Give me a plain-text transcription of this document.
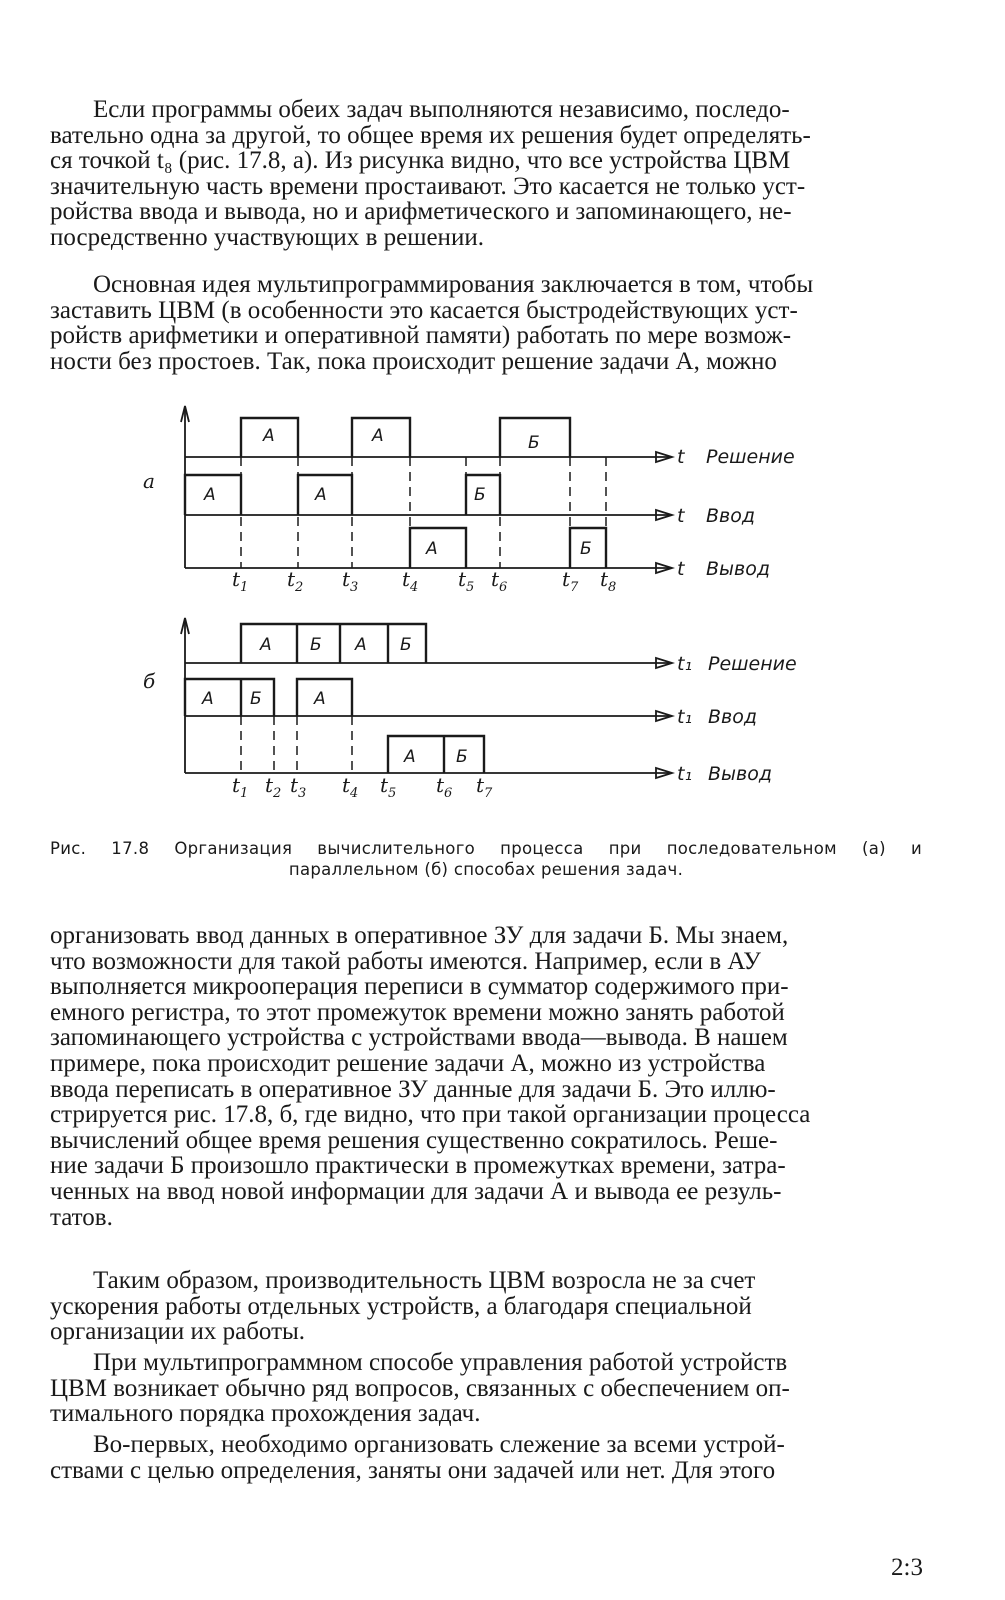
Если программы обеих задач выполняются независимо, последо-
вательно одна за другой, то общее время их решения будет определять-
ся точкой t₈ (рис. 17.8, а). Из рисунка видно, что все устройства ЦВМ
значительную часть времени простаивают. Это касается не только уст-
ройства ввода и вывода, но и арифметического и запоминающего, не-
посредственно участвующих в решении.

Основная идея мультипрограммирования заключается в том, чтобы
заставить ЦВМ (в особенности это касается быстродействующих уст-
ройств арифметики и оперативной памяти) работать по мере возмож-
ности без простоев. Так, пока происходит решение задачи А, можно

а
t Решение
А	А	Б
t Ввод
А	А	Б
t Вывод
А	Б
$t_1$ $t_2$ $t_3$ $t_4$ $t_5$ $t_6$	$t_7$ $t_8$
б
t₁ Решение
А Б А Б
t₁ Ввод
А Б	А
t₁ Вывод
А Б
$t_1$ $t_2$ $t_3$ $t_4$ $t_5$ $t_6$ $t_7$
Рис. 17.8 Организация вычислительного процесса при последовательном (а) и
параллельном (б) способах решения задач.

организовать ввод данных в оперативное ЗУ для задачи Б. Мы знаем,
что возможности для такой работы имеются. Например, если в АУ
выполняется микрооперация переписи в сумматор содержимого при-
емного регистра, то этот промежуток времени можно занять работой
запоминающего устройства с устройствами ввода—вывода. В нашем
примере, пока происходит решение задачи А, можно из устройства
ввода переписать в оперативное ЗУ данные для задачи Б. Это иллю-
стрируется рис. 17.8, б, где видно, что при такой организации процесса
вычислений общее время решения существенно сократилось. Реше-
ние задачи Б произошло практически в промежутках времени, затра-
ченных на ввод новой информации для задачи А и вывода ее резуль-
татов.

Таким образом, производительность ЦВМ возросла не за счет
ускорения работы отдельных устройств, а благодаря специальной
организации их работы.

При мультипрограммном способе управления работой устройств
ЦВМ возникает обычно ряд вопросов, связанных с обеспечением оп-
тимального порядка прохождения задач.

Во-первых, необходимо организовать слежение за всеми устрой-
ствами с целью определения, заняты они задачей или нет. Для этого

2:3
